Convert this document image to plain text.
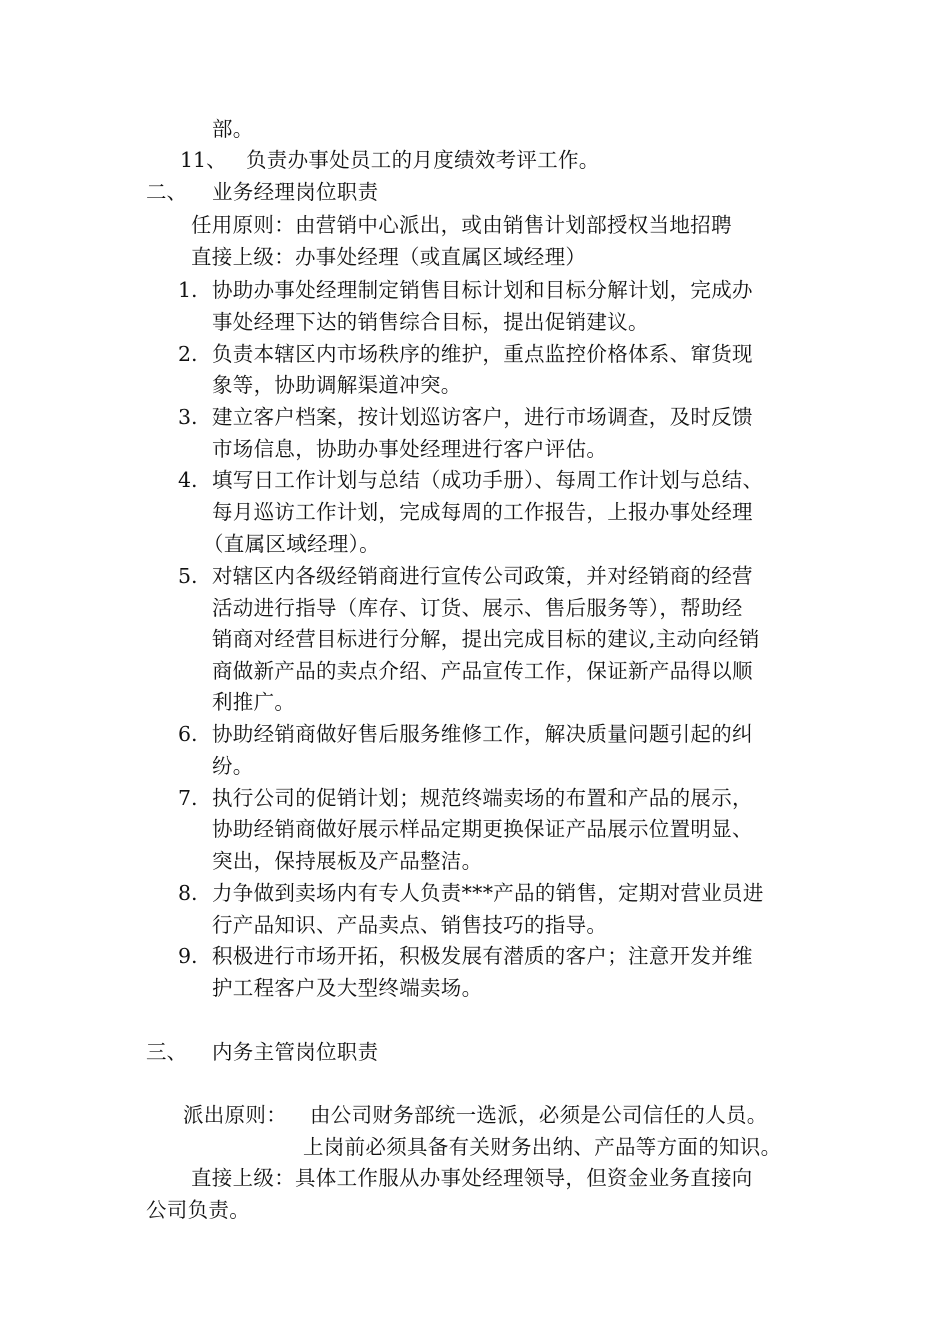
部。
11、 负责办事处员工的月度绩效考评工作。
二、 业务经理岗位职责
任用原则：由营销中心派出，或由销售计划部授权当地招聘
直接上级：办事处经理（或直属区域经理）
1. 协助办事处经理制定销售目标计划和目标分解计划，完成办
事处经理下达的销售综合目标，提出促销建议。
2. 负责本辖区内市场秩序的维护，重点监控价格体系、窜货现
象等，协助调解渠道冲突。
3. 建立客户档案，按计划巡访客户，进行市场调查，及时反馈
市场信息，协助办事处经理进行客户评估。
4. 填写日工作计划与总结（成功手册）、每周工作计划与总结、
每月巡访工作计划，完成每周的工作报告，上报办事处经理
（直属区域经理）。
5. 对辖区内各级经销商进行宣传公司政策，并对经销商的经营
活动进行指导（库存、订货、展示、售后服务等），帮助经
销商对经营目标进行分解，提出完成目标的建议,主动向经销
商做新产品的卖点介绍、产品宣传工作，保证新产品得以顺
利推广。
6. 协助经销商做好售后服务维修工作，解决质量问题引起的纠
纷。
7. 执行公司的促销计划；规范终端卖场的布置和产品的展示，
协助经销商做好展示样品定期更换保证产品展示位置明显、
突出，保持展板及产品整洁。
8. 力争做到卖场内有专人负责***产品的销售，定期对营业员进
行产品知识、产品卖点、销售技巧的指导。
9. 积极进行市场开拓，积极发展有潜质的客户；注意开发并维
护工程客户及大型终端卖场。
三、 内务主管岗位职责
派出原则： 由公司财务部统一选派，必须是公司信任的人员。
上岗前必须具备有关财务出纳、产品等方面的知识。
直接上级：具体工作服从办事处经理领导，但资金业务直接向
公司负责。
